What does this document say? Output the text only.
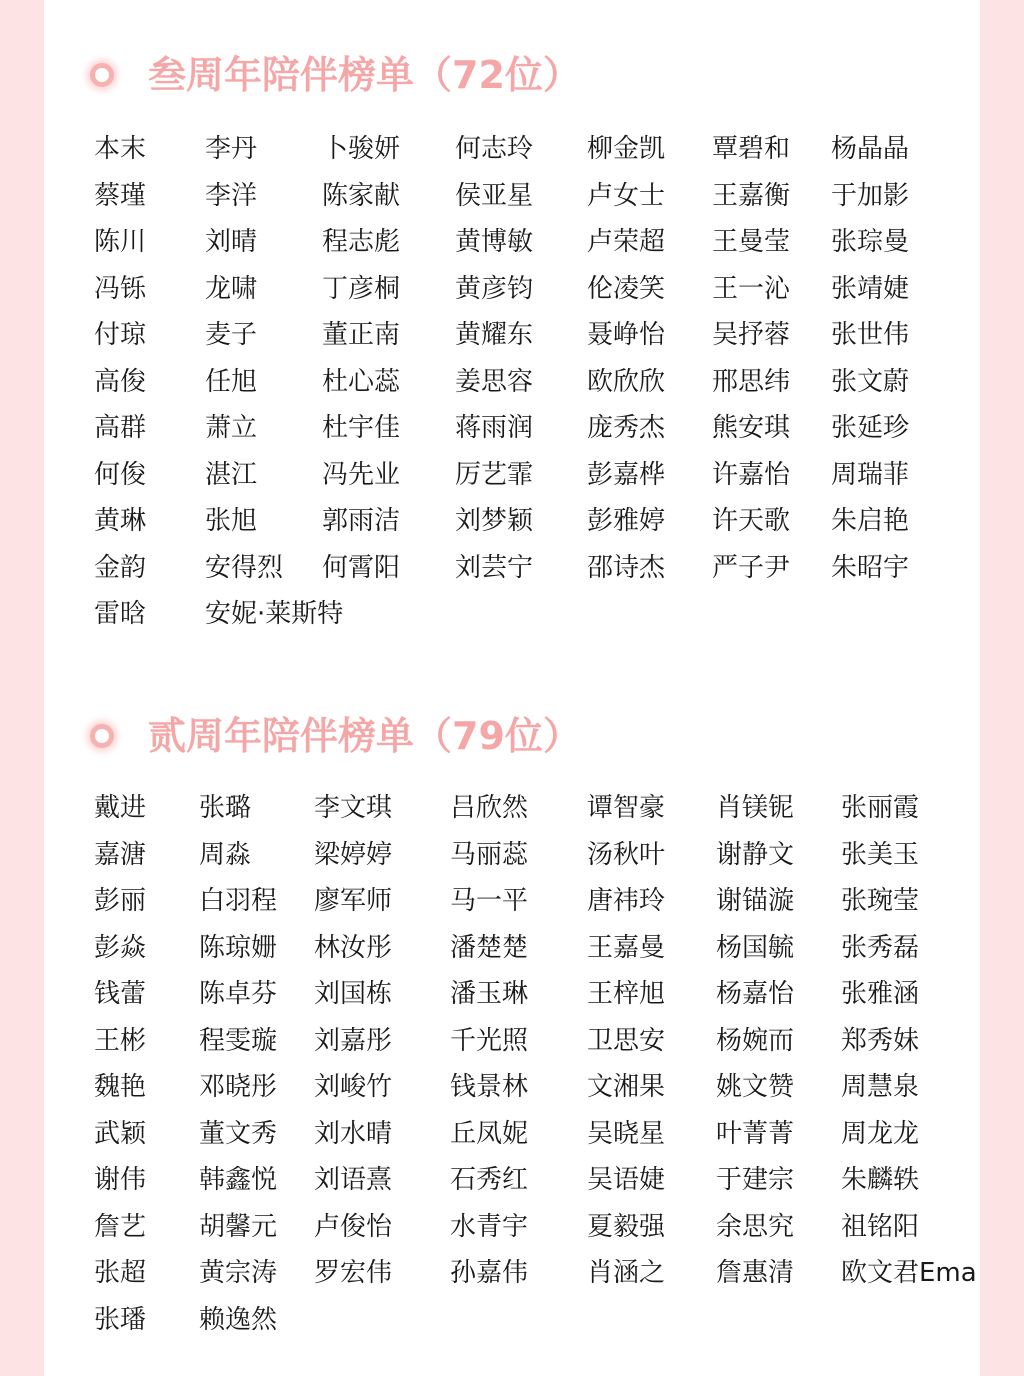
叁周年陪伴榜单（72位）
贰周年陪伴榜单（79位）
本末
蔡瑾
陈川
冯铄
付琼
高俊
高群
何俊
黄琳
金韵
雷晗
李丹
李洋
刘晴
龙啸
麦子
任旭
萧立
湛江
张旭
安得烈
安妮·莱斯特
卜骏妍
陈家献
程志彪
丁彦桐
董正南
杜心蕊
杜宇佳
冯先业
郭雨洁
何霄阳
何志玲
侯亚星
黄博敏
黄彦钧
黄耀东
姜思容
蒋雨润
厉艺霏
刘梦颖
刘芸宁
柳金凯
卢女士
卢荣超
伦凌笑
聂峥怡
欧欣欣
庞秀杰
彭嘉桦
彭雅婷
邵诗杰
覃碧和
王嘉衡
王曼莹
王一沁
吴抒蓉
邢思纬
熊安琪
许嘉怡
许天歌
严子尹
杨晶晶
于加影
张琮曼
张靖婕
张世伟
张文蔚
张延珍
周瑞菲
朱启艳
朱昭宇
戴进
嘉溏
彭丽
彭焱
钱蕾
王彬
魏艳
武颖
谢伟
詹艺
张超
张璠
张璐
周淼
白羽程
陈琼姗
陈卓芬
程雯璇
邓晓彤
董文秀
韩鑫悦
胡馨元
黄宗涛
赖逸然
李文琪
梁婷婷
廖军师
林汝彤
刘国栋
刘嘉彤
刘峻竹
刘水晴
刘语熹
卢俊怡
罗宏伟
吕欣然
马丽蕊
马一平
潘楚楚
潘玉琳
千光照
钱景林
丘凤妮
石秀红
水青宇
孙嘉伟
谭智豪
汤秋叶
唐祎玲
王嘉曼
王梓旭
卫思安
文湘果
吴晓星
吴语婕
夏毅强
肖涵之
肖镁铌
谢静文
谢锚漩
杨国毓
杨嘉怡
杨婉而
姚文赞
叶菁菁
于建宗
余思究
詹惠清
张丽霞
张美玉
张琬莹
张秀磊
张雅涵
郑秀妹
周慧泉
周龙龙
朱麟轶
祖铭阳
欧文君Ema
